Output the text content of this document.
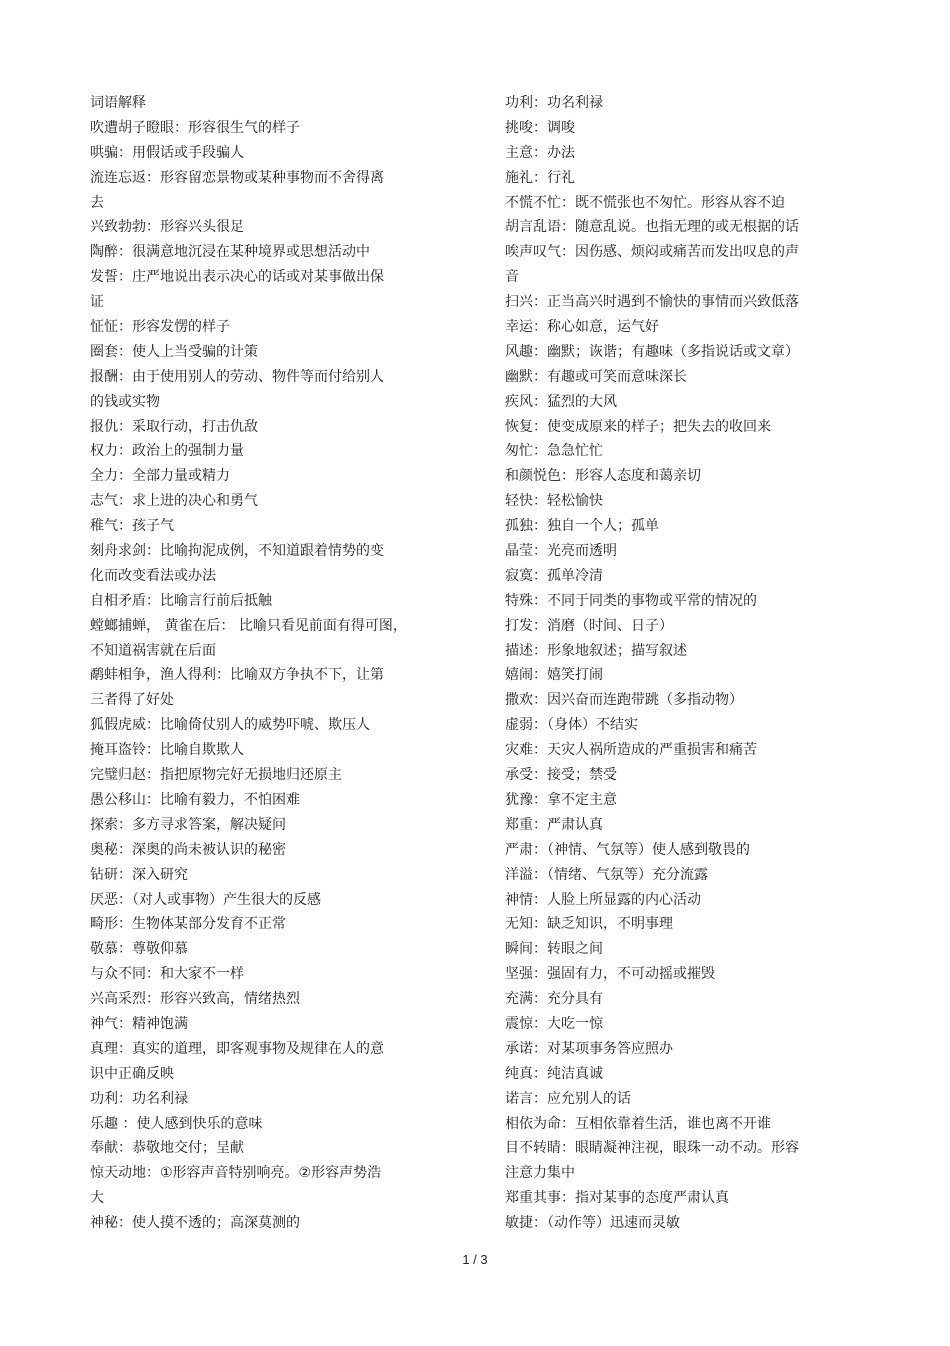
词语解释
吹遭胡子瞪眼：形容很生气的样子
哄骗：用假话或手段骗人
流连忘返：形容留恋景物或某种事物而不舍得离
去
兴致勃勃：形容兴头很足
陶醉：很满意地沉浸在某种境界或思想活动中
发誓：庄严地说出表示决心的话或对某事做出保
证
怔怔：形容发愣的样子
圈套：使人上当受骗的计策
报酬：由于使用别人的劳动、物件等而付给别人
的钱或实物
报仇：采取行动，打击仇敌
权力：政治上的强制力量
全力：全部力量或精力
志气：求上进的决心和勇气
稚气：孩子气
刻舟求剑：比喻拘泥成例，不知道跟着情势的变
化而改变看法或办法
自相矛盾：比喻言行前后抵触
螳螂捕蝉， 黄雀在后： 比喻只看见前面有得可图，
不知道祸害就在后面
鹬蚌相争，渔人得利：比喻双方争执不下，让第
三者得了好处
狐假虎威：比喻倚仗别人的威势吓唬、欺压人
掩耳盗铃：比喻自欺欺人
完璧归赵：指把原物完好无损地归还原主
愚公移山：比喻有毅力，不怕困难
探索：多方寻求答案，解决疑问
奥秘：深奥的尚未被认识的秘密
钻研：深入研究
厌恶：（对人或事物）产生很大的反感
畸形：生物体某部分发育不正常
敬慕：尊敬仰慕
与众不同：和大家不一样
兴高采烈：形容兴致高，情绪热烈
神气：精神饱满
真理：真实的道理，即客观事物及规律在人的意
识中正确反映
功利：功名利禄
乐趣 ：使人感到快乐的意味
奉献：恭敬地交付；呈献
惊天动地：①形容声音特别响亮。②形容声势浩
大
神秘：使人摸不透的；高深莫测的
功利：功名利禄
挑唆：调唆
主意：办法
施礼：行礼
不慌不忙：既不慌张也不匆忙。形容从容不迫
胡言乱语：随意乱说。也指无理的或无根据的话
唉声叹气：因伤感、烦闷或痛苦而发出叹息的声
音
扫兴：正当高兴时遇到不愉快的事情而兴致低落
幸运：称心如意，运气好
风趣：幽默；诙谐；有趣味（多指说话或文章）
幽默：有趣或可笑而意味深长
疾风：猛烈的大风
恢复：使变成原来的样子；把失去的收回来
匆忙：急急忙忙
和颜悦色：形容人态度和蔼亲切
轻快：轻松愉快
孤独：独自一个人；孤单
晶莹：光亮而透明
寂寞：孤单冷清
特殊：不同于同类的事物或平常的情况的
打发：消磨（时间、日子）
描述：形象地叙述；描写叙述
嬉闹：嬉笑打闹
撒欢：因兴奋而连跑带跳（多指动物）
虚弱：（身体）不结实
灾难：天灾人祸所造成的严重损害和痛苦
承受：接受；禁受
犹豫：拿不定主意
郑重：严肃认真
严肃：（神情、气氛等）使人感到敬畏的
洋溢：（情绪、气氛等）充分流露
神情：人脸上所显露的内心活动
无知：缺乏知识，不明事理
瞬间：转眼之间
坚强：强固有力，不可动摇或摧毁
充满：充分具有
震惊：大吃一惊
承诺：对某项事务答应照办
纯真：纯洁真诚
诺言：应允别人的话
相依为命：互相依靠着生活，谁也离不开谁
目不转睛：眼睛凝神注视，眼珠一动不动。形容
注意力集中
郑重其事：指对某事的态度严肃认真
敏捷：（动作等）迅速而灵敏
1 / 3
